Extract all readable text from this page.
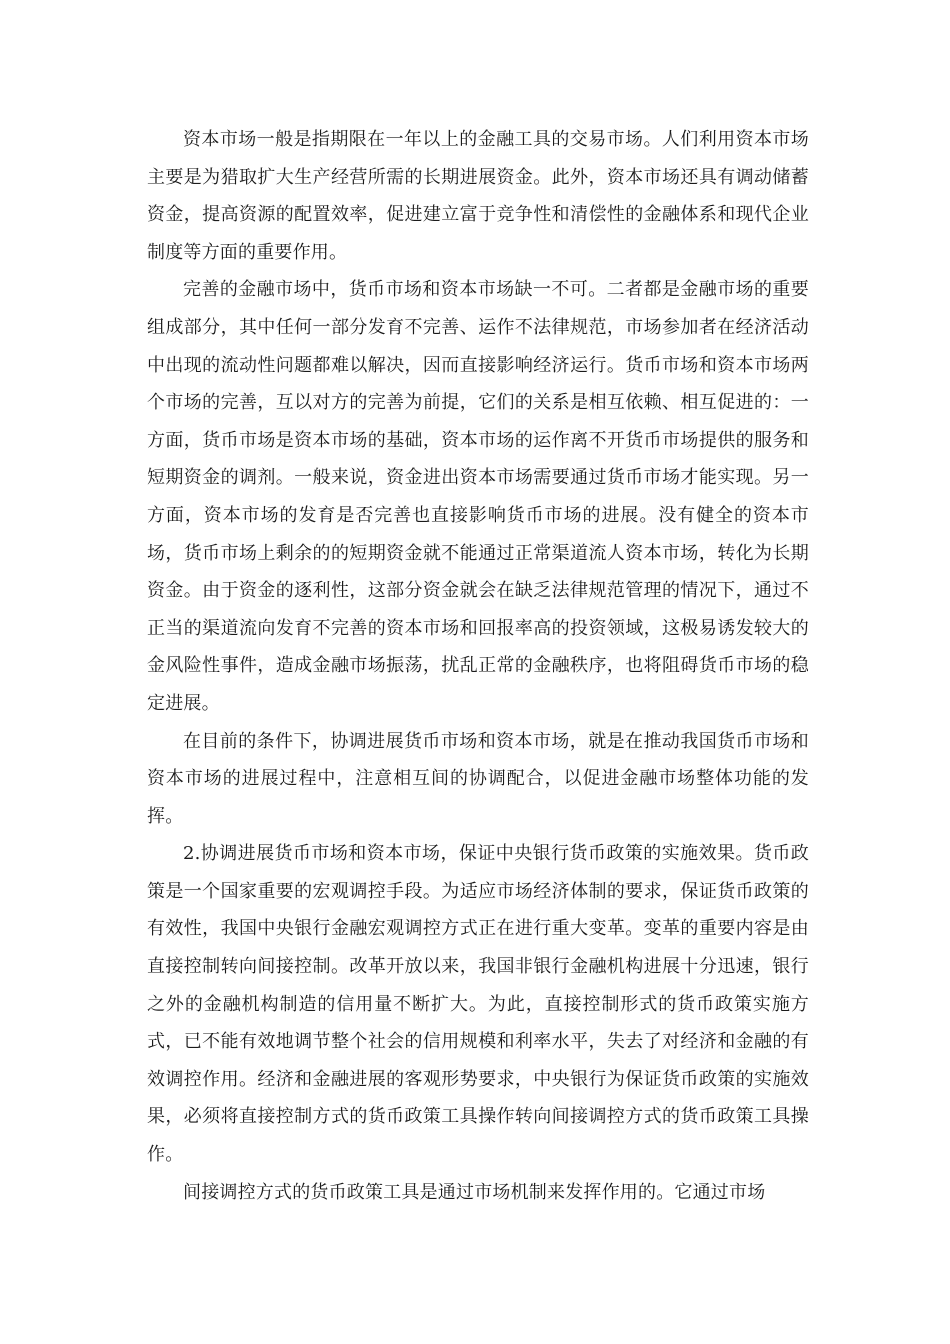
资本市场一般是指期限在一年以上的金融工具的交易市场。人们利用资本市场主要是为猎取扩大生产经营所需的长期进展资金。此外，资本市场还具有调动储蓄资金，提高资源的配置效率，促进建立富于竞争性和清偿性的金融体系和现代企业制度等方面的重要作用。

完善的金融市场中，货币市场和资本市场缺一不可。二者都是金融市场的重要组成部分，其中任何一部分发育不完善、运作不法律规范，市场参加者在经济活动中出现的流动性问题都难以解决，因而直接影响经济运行。货币市场和资本市场两个市场的完善，互以对方的完善为前提，它们的关系是相互依赖、相互促进的：一方面，货币市场是资本市场的基础，资本市场的运作离不开货币市场提供的服务和短期资金的调剂。一般来说，资金进出资本市场需要通过货币市场才能实现。另一方面，资本市场的发育是否完善也直接影响货币市场的进展。没有健全的资本市场，货币市场上剩余的的短期资金就不能通过正常渠道流人资本市场，转化为长期资金。由于资金的逐利性，这部分资金就会在缺乏法律规范管理的情况下，通过不正当的渠道流向发育不完善的资本市场和回报率高的投资领域，这极易诱发较大的金风险性事件，造成金融市场振荡，扰乱正常的金融秩序，也将阻碍货币市场的稳定进展。

在目前的条件下，协调进展货币市场和资本市场，就是在推动我国货币市场和资本市场的进展过程中，注意相互间的协调配合，以促进金融市场整体功能的发挥。

2.协调进展货币市场和资本市场，保证中央银行货币政策的实施效果。货币政策是一个国家重要的宏观调控手段。为适应市场经济体制的要求，保证货币政策的有效性，我国中央银行金融宏观调控方式正在进行重大变革。变革的重要内容是由直接控制转向间接控制。改革开放以来，我国非银行金融机构进展十分迅速，银行之外的金融机构制造的信用量不断扩大。为此，直接控制形式的货币政策实施方式，已不能有效地调节整个社会的信用规模和利率水平，失去了对经济和金融的有效调控作用。经济和金融进展的客观形势要求，中央银行为保证货币政策的实施效果，必须将直接控制方式的货币政策工具操作转向间接调控方式的货币政策工具操作。

间接调控方式的货币政策工具是通过市场机制来发挥作用的。它通过市场
